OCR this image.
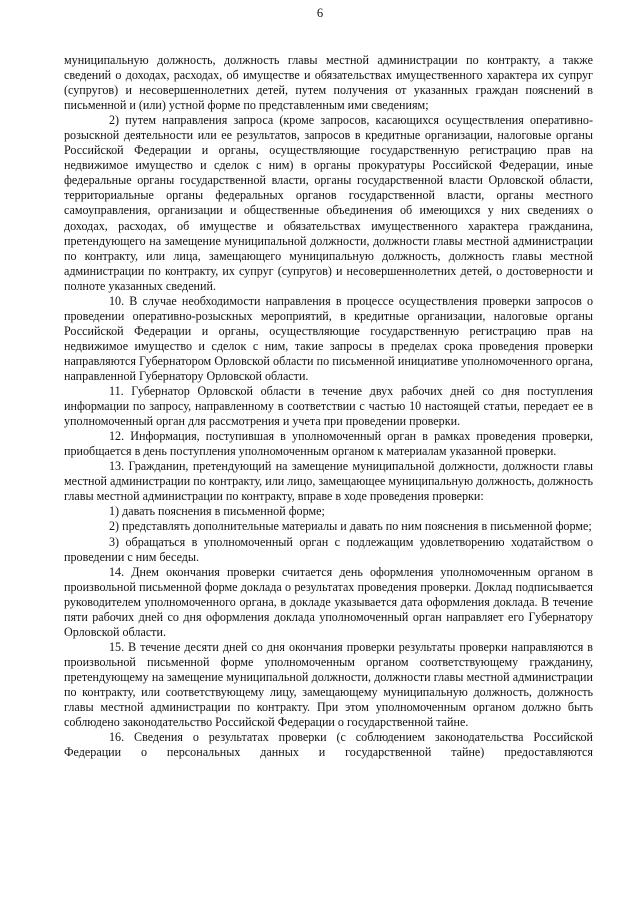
6

муниципальную должность, должность главы местной администрации по контракту, а также сведений о доходах, расходах, об имуществе и обязательствах имущественного характера их супруг (супругов) и несовершеннолетних детей, путем получения от указанных граждан пояснений в письменной и (или) устной форме по представленным ими сведениям;

2) путем направления запроса (кроме запросов, касающихся осуществления оперативно-розыскной деятельности или ее результатов, запросов в кредитные организации, налоговые органы Российской Федерации и органы, осуществляющие государственную регистрацию прав на недвижимое имущество и сделок с ним) в органы прокуратуры Российской Федерации, иные федеральные органы государственной власти, органы государственной власти Орловской области, территориальные органы федеральных органов государственной власти, органы местного самоуправления, организации и общественные объединения об имеющихся у них сведениях о доходах, расходах, об имуществе и обязательствах имущественного характера гражданина, претендующего на замещение муниципальной должности, должности главы местной администрации по контракту, или лица, замещающего муниципальную должность, должность главы местной администрации по контракту, их супруг (супругов) и несовершеннолетних детей, о достоверности и полноте указанных сведений.

10. В случае необходимости направления в процессе осуществления проверки запросов о проведении оперативно-розыскных мероприятий, в кредитные организации, налоговые органы Российской Федерации и органы, осуществляющие государственную регистрацию прав на недвижимое имущество и сделок с ним, такие запросы в пределах срока проведения проверки направляются Губернатором Орловской области по письменной инициативе уполномоченного органа, направленной Губернатору Орловской области.

11. Губернатор Орловской области в течение двух рабочих дней со дня поступления информации по запросу, направленному в соответствии с частью 10 настоящей статьи, передает ее в уполномоченный орган для рассмотрения и учета при проведении проверки.

12. Информация, поступившая в уполномоченный орган в рамках проведения проверки, приобщается в день поступления уполномоченным органом к материалам указанной проверки.

13. Гражданин, претендующий на замещение муниципальной должности, должности главы местной администрации по контракту, или лицо, замещающее муниципальную должность, должность главы местной администрации по контракту, вправе в ходе проведения проверки:

1) давать пояснения в письменной форме;

2) представлять дополнительные материалы и давать по ним пояснения в письменной форме;

3) обращаться в уполномоченный орган с подлежащим удовлетворению ходатайством о проведении с ним беседы.

14. Днем окончания проверки считается день оформления уполномоченным органом в произвольной письменной форме доклада о результатах проведения проверки. Доклад подписывается руководителем уполномоченного органа, в докладе указывается дата оформления доклада. В течение пяти рабочих дней со дня оформления доклада уполномоченный орган направляет его Губернатору Орловской области.

15. В течение десяти дней со дня окончания проверки результаты проверки направляются в произвольной письменной форме уполномоченным органом соответствующему гражданину, претендующему на замещение муниципальной должности, должности главы местной администрации по контракту, или соответствующему лицу, замещающему муниципальную должность, должность главы местной администрации по контракту. При этом уполномоченным органом должно быть соблюдено законодательство Российской Федерации о государственной тайне.

16. Сведения о результатах проверки (с соблюдением законодательства Российской Федерации о персональных данных и государственной тайне) предоставляются
